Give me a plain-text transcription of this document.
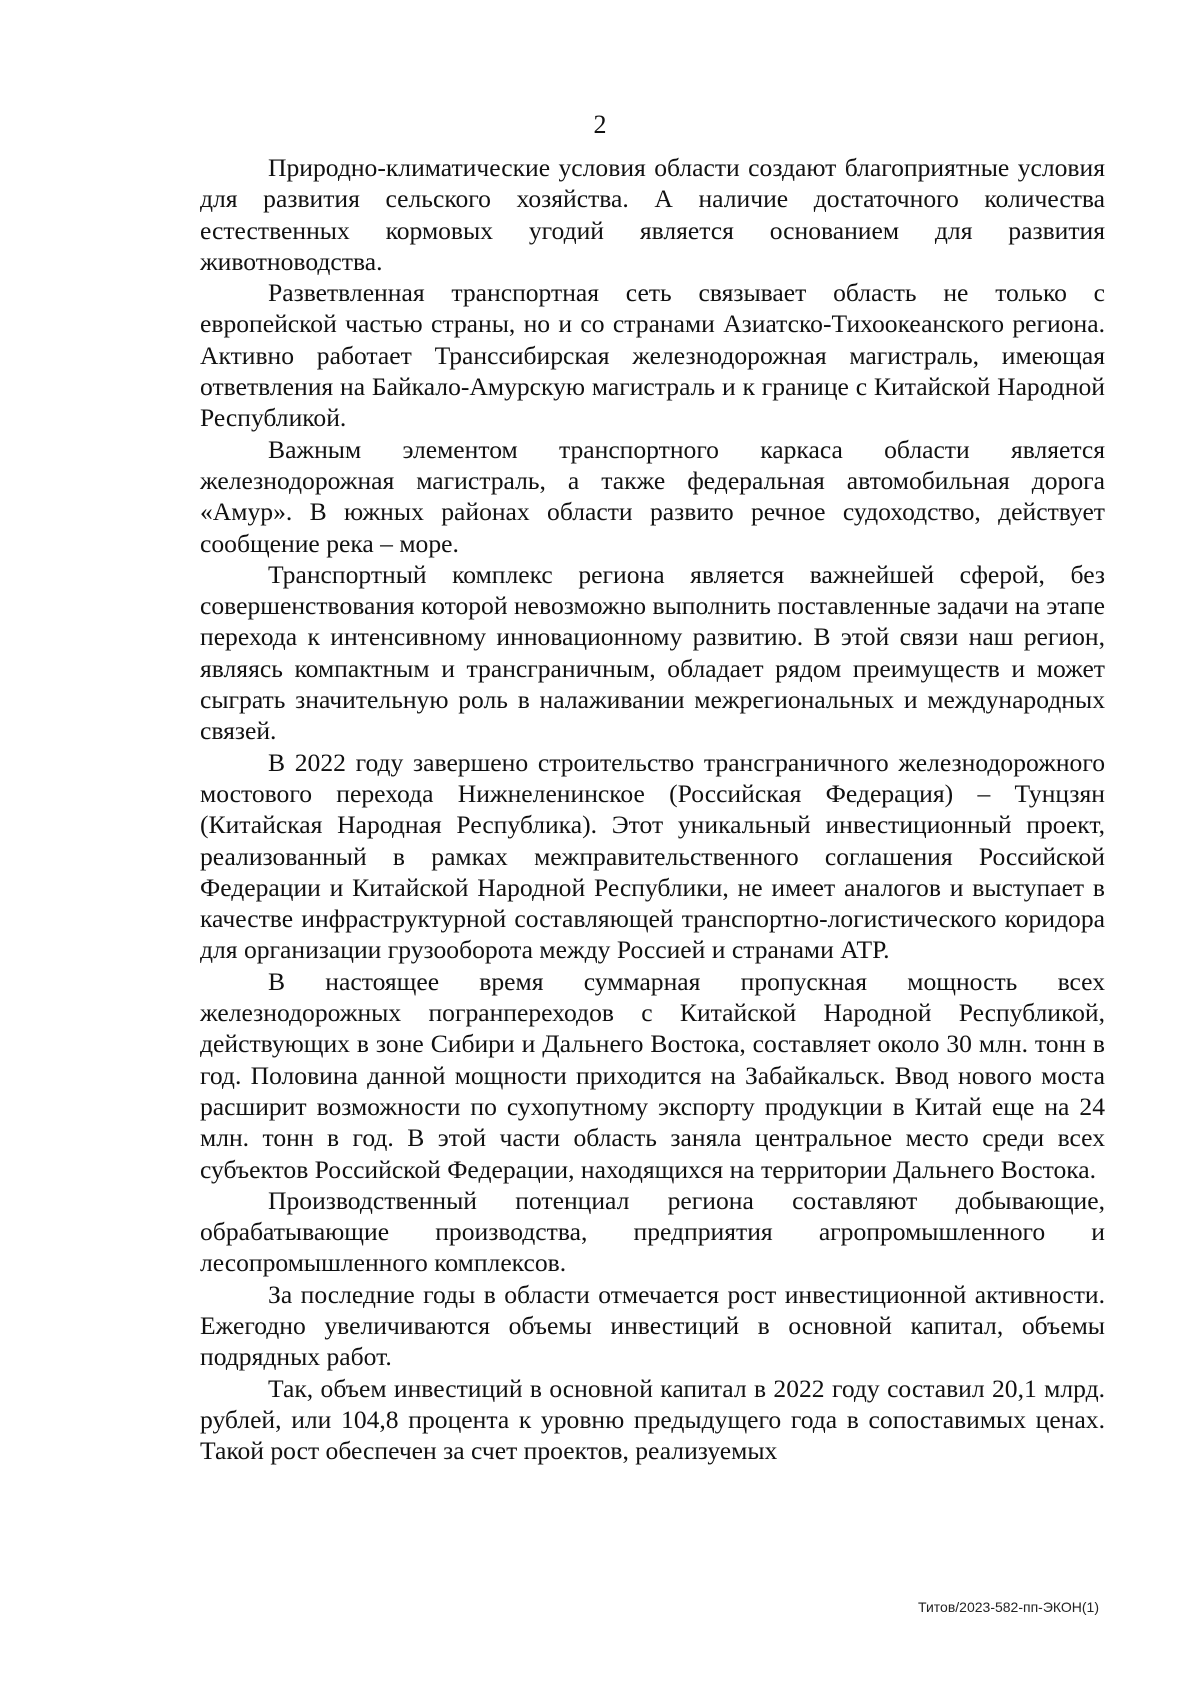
2

Природно-климатические условия области создают благоприятные условия для развития сельского хозяйства. А наличие достаточного количества естественных кормовых угодий является основанием для развития животноводства.

Разветвленная транспортная сеть связывает область не только с европейской частью страны, но и со странами Азиатско-Тихоокеанского региона. Активно работает Транссибирская железнодорожная магистраль, имеющая ответвления на Байкало-Амурскую магистраль и к границе с Китайской Народной Республикой.

Важным элементом транспортного каркаса области является железнодорожная магистраль, а также федеральная автомобильная дорога «Амур». В южных районах области развито речное судоходство, действует сообщение река – море.

Транспортный комплекс региона является важнейшей сферой, без совершенствования которой невозможно выполнить поставленные задачи на этапе перехода к интенсивному инновационному развитию. В этой связи наш регион, являясь компактным и трансграничным, обладает рядом преимуществ и может сыграть значительную роль в налаживании межрегиональных и международных связей.

В 2022 году завершено строительство трансграничного железнодорожного мостового перехода Нижнеленинское (Российская Федерация) – Тунцзян (Китайская Народная Республика). Этот уникальный инвестиционный проект, реализованный в рамках межправительственного соглашения Российской Федерации и Китайской Народной Республики, не имеет аналогов и выступает в качестве инфраструктурной составляющей транспортно-логистического коридора для организации грузооборота между Россией и странами АТР.

В настоящее время суммарная пропускная мощность всех железнодорожных погранпереходов с Китайской Народной Республикой, действующих в зоне Сибири и Дальнего Востока, составляет около 30 млн. тонн в год. Половина данной мощности приходится на Забайкальск. Ввод нового моста расширит возможности по сухопутному экспорту продукции в Китай еще на 24 млн. тонн в год. В этой части область заняла центральное место среди всех субъектов Российской Федерации, находящихся на территории Дальнего Востока.

Производственный потенциал региона составляют добывающие, обрабатывающие производства, предприятия агропромышленного и лесопромышленного комплексов.

За последние годы в области отмечается рост инвестиционной активности. Ежегодно увеличиваются объемы инвестиций в основной капитал, объемы подрядных работ.

Так, объем инвестиций в основной капитал в 2022 году составил 20,1 млрд. рублей, или 104,8 процента к уровню предыдущего года в сопоставимых ценах. Такой рост обеспечен за счет проектов, реализуемых

Титов/2023-582-пп-ЭКОН(1)
